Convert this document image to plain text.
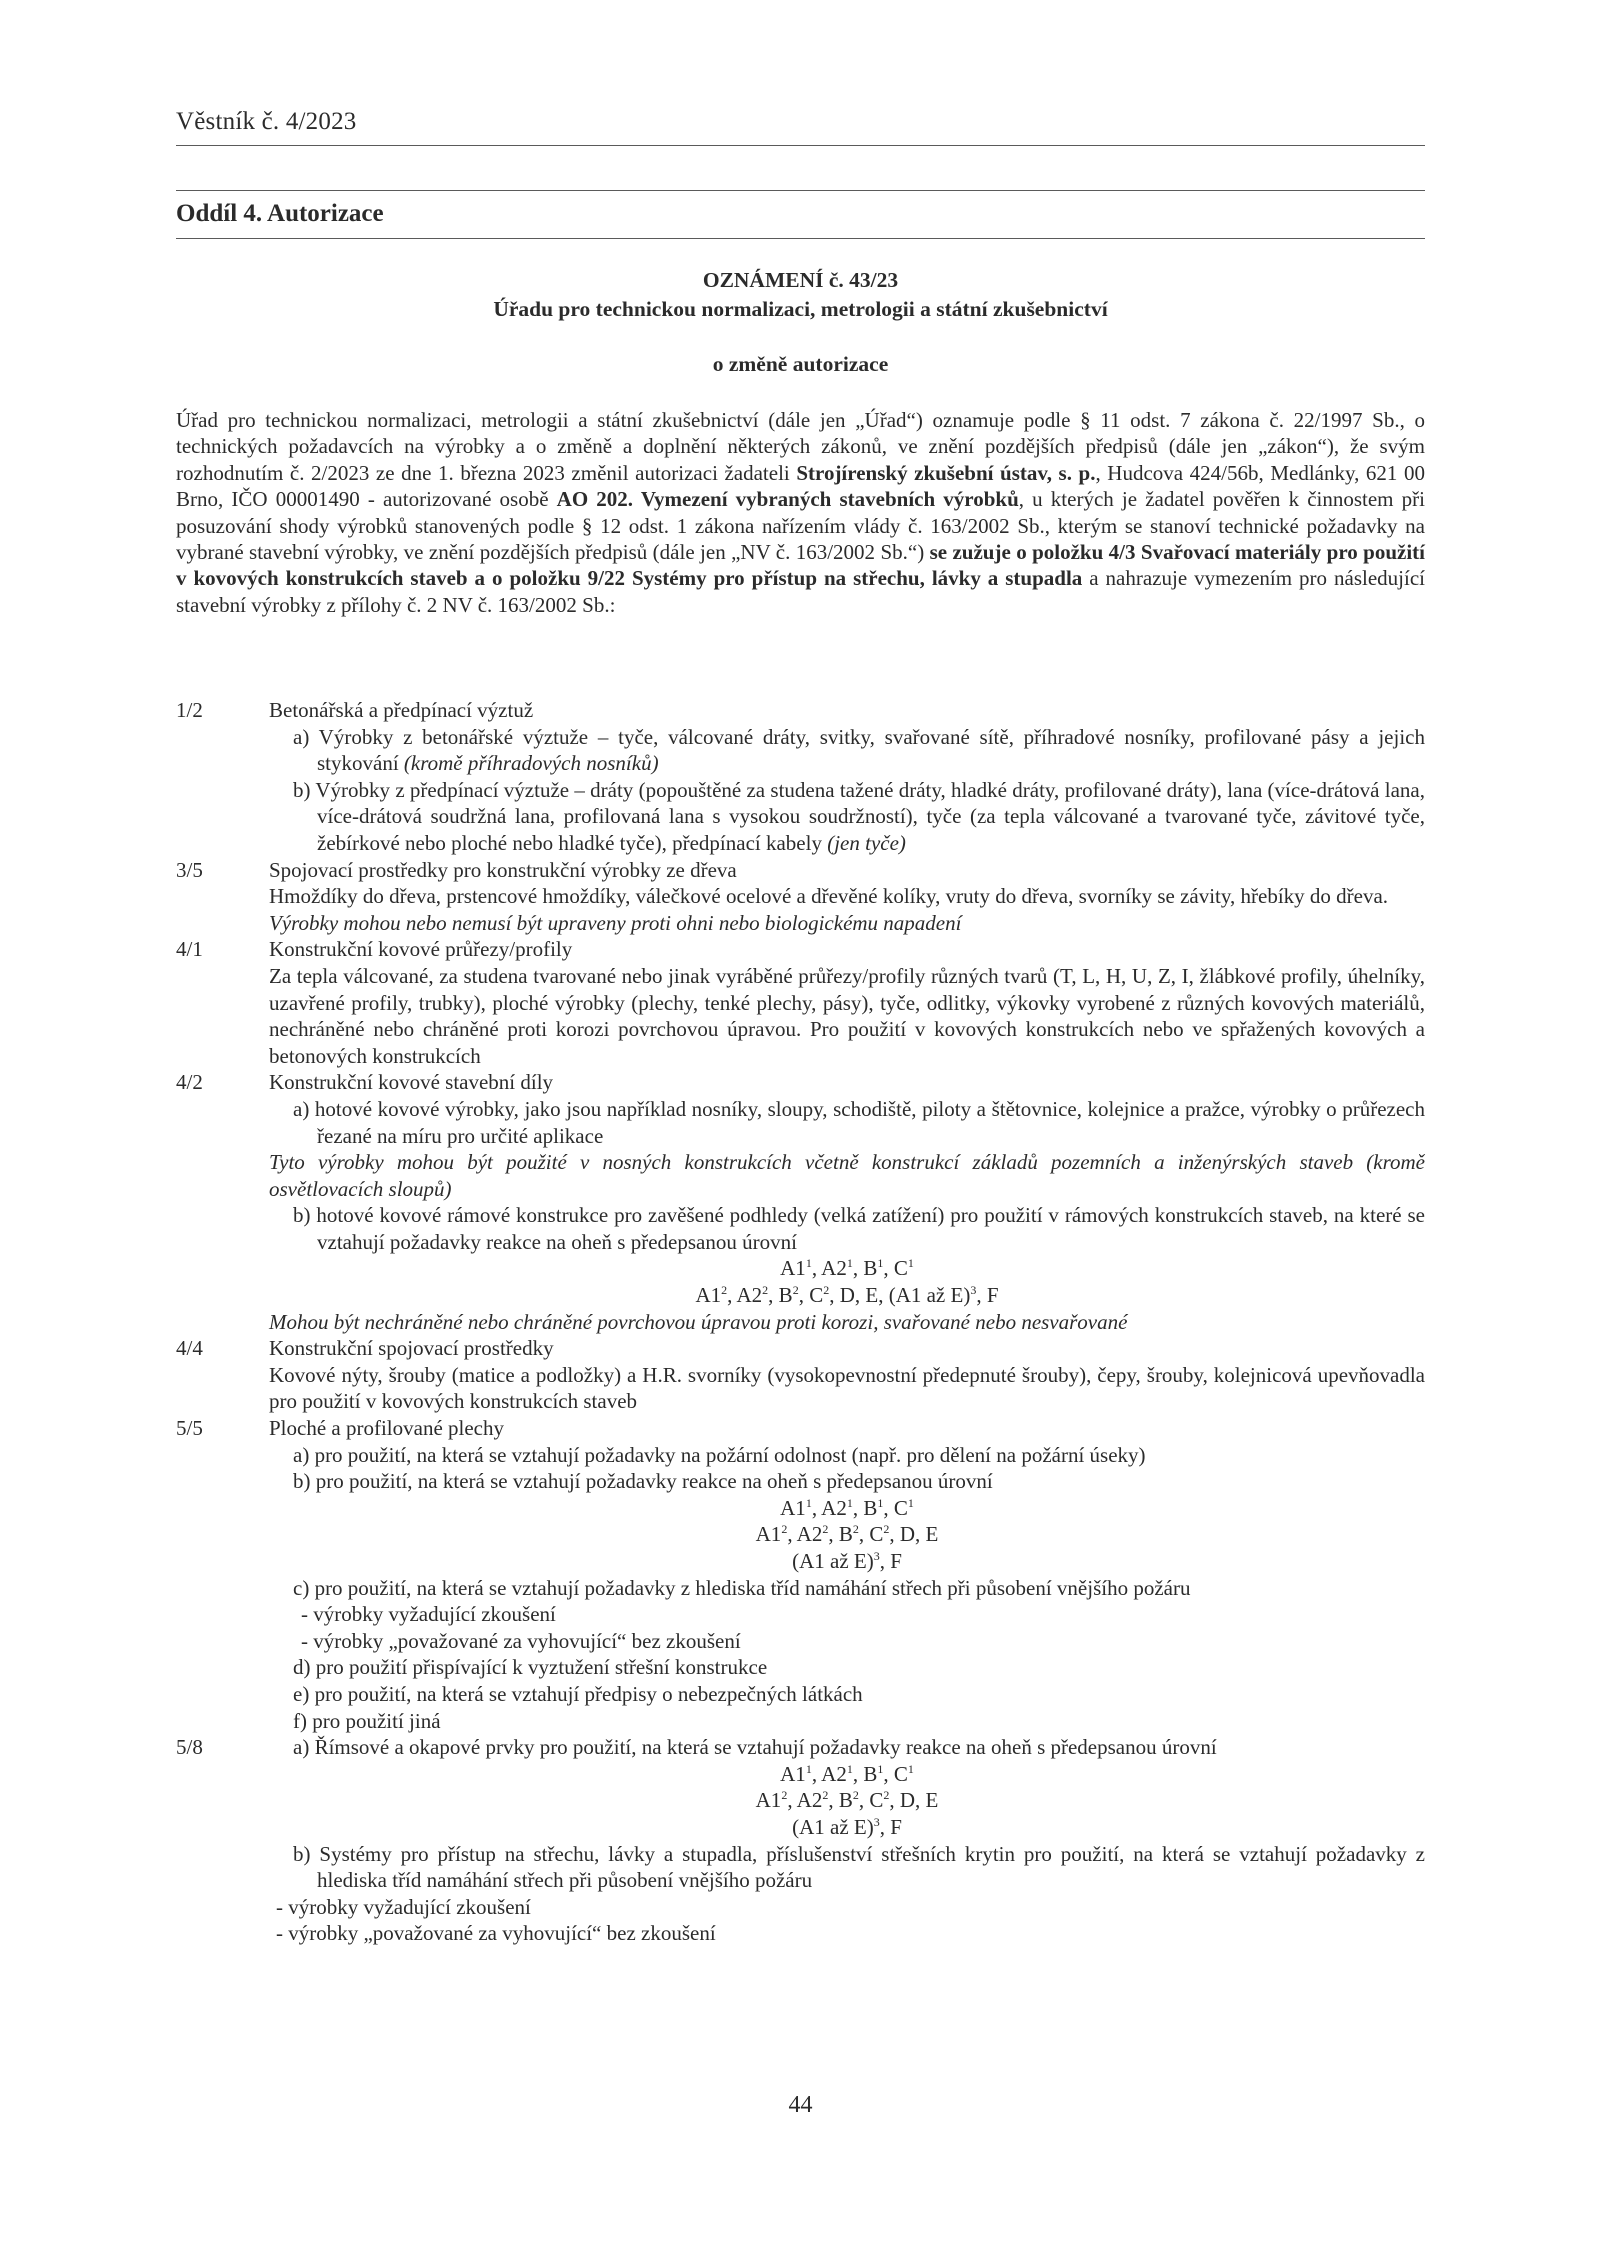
Věstník č. 4/2023
Oddíl 4. Autorizace
OZNÁMENÍ č. 43/23
Úřadu pro technickou normalizaci, metrologii a státní zkušebnictví
o změně autorizace
Úřad pro technickou normalizaci, metrologii a státní zkušebnictví (dále jen „Úřad“) oznamuje podle § 11 odst. 7 zákona č. 22/1997 Sb., o technických požadavcích na výrobky a o změně a doplnění některých zákonů, ve znění pozdějších předpisů (dále jen „zákon“), že svým rozhodnutím č. 2/2023 ze dne 1. března 2023 změnil autorizaci žadateli Strojírenský zkušební ústav, s. p., Hudcova 424/56b, Medlánky, 621 00 Brno, IČO 00001490 - autorizované osobě AO 202. Vymezení vybraných stavebních výrobků, u kterých je žadatel pověřen k činnostem při posuzování shody výrobků stanovených podle § 12 odst. 1 zákona nařízením vlády č. 163/2002 Sb., kterým se stanoví technické požadavky na vybrané stavební výrobky, ve znění pozdějších předpisů (dále jen „NV č. 163/2002 Sb.“) se zužuje o položku 4/3 Svařovací materiály pro použití v kovových konstrukcích staveb a o položku 9/22 Systémy pro přístup na střechu, lávky a stupadla a nahrazuje vymezením pro následující stavební výrobky z přílohy č. 2 NV č. 163/2002 Sb.:
1/2	Betonářská a předpínací výztuž
a) Výrobky z betonářské výztuže – tyče, válcované dráty, svitky, svařované sítě, příhradové nosníky, profilované pásy a jejich stykování (kromě příhradových nosníků)
b) Výrobky z předpínací výztuže – dráty (popouštěné za studena tažené dráty, hladké dráty, profilované dráty), lana (více-drátová lana, více-drátová soudržná lana, profilovaná lana s vysokou soudržností), tyče (za tepla válcované a tvarované tyče, závitové tyče, žebírkové nebo ploché nebo hladké tyče), předpínací kabely (jen tyče)
3/5	Spojovací prostředky pro konstrukční výrobky ze dřeva
Hmoždíky do dřeva, prstencové hmoždíky, válečkové ocelové a dřevěné kolíky, vruty do dřeva, svorníky se závity, hřebíky do dřeva.
Výrobky mohou nebo nemusí být upraveny proti ohni nebo biologickému napadení
4/1	Konstrukční kovové průřezy/profily
Za tepla válcované, za studena tvarované nebo jinak vyráběné průřezy/profily různých tvarů (T, L, H, U, Z, I, žlábkové profily, úhelníky, uzavřené profily, trubky), ploché výrobky (plechy, tenké plechy, pásy), tyče, odlitky, výkovky vyrobené z různých kovových materiálů, nechráněné nebo chráněné proti korozi povrchovou úpravou. Pro použití v kovových konstrukcích nebo ve spřažených kovových a betonových konstrukcích
4/2	Konstrukční kovové stavební díly
a) hotové kovové výrobky, jako jsou například nosníky, sloupy, schodiště, piloty a štětovnice, kolejnice a pražce, výrobky o průřezech řezané na míru pro určité aplikace
Tyto výrobky mohou být použité v nosných konstrukcích včetně konstrukcí základů pozemních a inženýrských staveb (kromě osvětlovacích sloupů)
b) hotové kovové rámové konstrukce pro zavěšené podhledy (velká zatížení) pro použití v rámových konstrukcích staveb, na které se vztahují požadavky reakce na oheň s předepsanou úrovní
$A1^1$, $A2^1$, $B^1$, $C^1$
$A1^2$, $A2^2$, $B^2$, $C^2$, D, E, (A1 až E)$^3$, F
Mohou být nechráněné nebo chráněné povrchovou úpravou proti korozi, svařované nebo nesvařované
4/4	Konstrukční spojovací prostředky
Kovové nýty, šrouby (matice a podložky) a H.R. svorníky (vysokopevnostní předepnuté šrouby), čepy, šrouby, kolejnicová upevňovadla pro použití v kovových konstrukcích staveb
5/5	Ploché a profilované plechy
a) pro použití, na která se vztahují požadavky na požární odolnost (např. pro dělení na požární úseky)
b) pro použití, na která se vztahují požadavky reakce na oheň s předepsanou úrovní
$A1^1$, $A2^1$, $B^1$, $C^1$
$A1^2$, $A2^2$, $B^2$, $C^2$, D, E
(A1 až E)$^3$, F
c) pro použití, na která se vztahují požadavky z hlediska tříd namáhání střech při působení vnějšího požáru
- výrobky vyžadující zkoušení
- výrobky „považované za vyhovující“ bez zkoušení
d) pro použití přispívající k vyztužení střešní konstrukce
e) pro použití, na která se vztahují předpisy o nebezpečných látkách
f) pro použití jiná
5/8	a) Římsové a okapové prvky pro použití, na která se vztahují požadavky reakce na oheň s předepsanou úrovní
$A1^1$, $A2^1$, $B^1$, $C^1$
$A1^2$, $A2^2$, $B^2$, $C^2$, D, E
(A1 až E)$^3$, F
b) Systémy pro přístup na střechu, lávky a stupadla, příslušenství střešních krytin pro použití, na která se vztahují požadavky z hlediska tříd namáhání střech při působení vnějšího požáru
- výrobky vyžadující zkoušení
- výrobky „považované za vyhovující“ bez zkoušení
44
